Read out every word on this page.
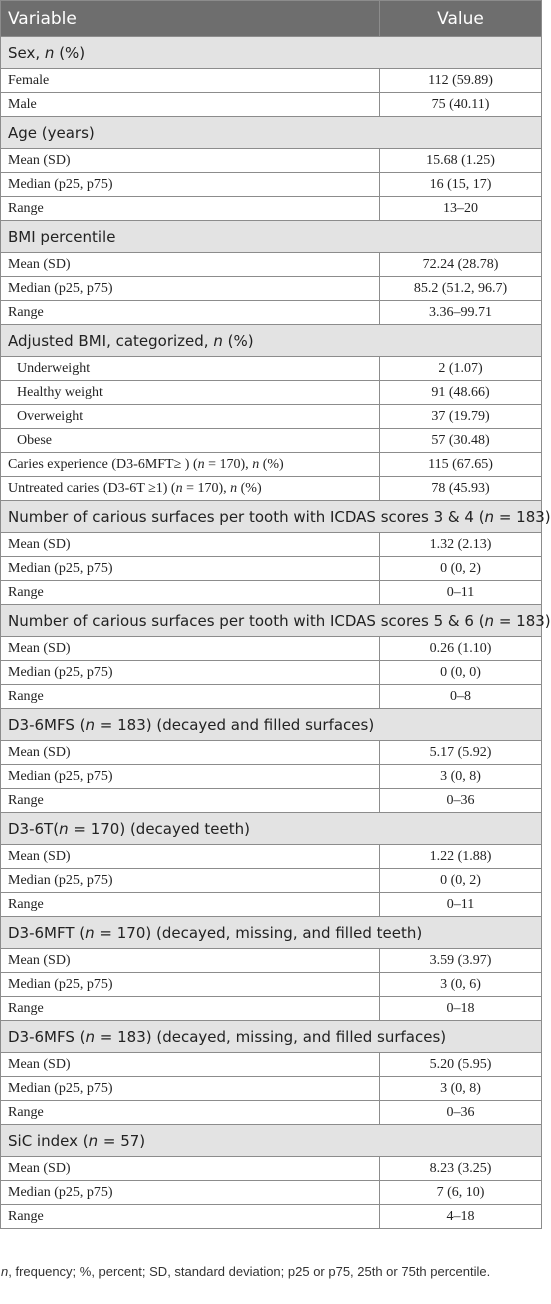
Variable	Value
Sex, n (%)	
Female	112 (59.89)
Male	75 (40.11)
Age (years)	
Mean (SD)	15.68 (1.25)
Median (p25, p75)	16 (15, 17)
Range	13–20
BMI percentile	
Mean (SD)	72.24 (28.78)
Median (p25, p75)	85.2 (51.2, 96.7)
Range	3.36–99.71
Adjusted BMI, categorized, n (%)	
Underweight	2 (1.07)
Healthy weight	91 (48.66)
Overweight	37 (19.79)
Obese	57 (30.48)
Caries experience (D3-6MFT≥ ) (n = 170), n (%)	115 (67.65)
Untreated caries (D3-6T ≥1) (n = 170), n (%)	78 (45.93)
Number of carious surfaces per tooth with ICDAS scores 3 & 4 (n = 183)	
Mean (SD)	1.32 (2.13)
Median (p25, p75)	0 (0, 2)
Range	0–11
Number of carious surfaces per tooth with ICDAS scores 5 & 6 (n = 183)	
Mean (SD)	0.26 (1.10)
Median (p25, p75)	0 (0, 0)
Range	0–8
D3-6MFS (n = 183) (decayed and filled surfaces)	
Mean (SD)	5.17 (5.92)
Median (p25, p75)	3 (0, 8)
Range	0–36
D3-6T(n = 170) (decayed teeth)	
Mean (SD)	1.22 (1.88)
Median (p25, p75)	0 (0, 2)
Range	0–11
D3-6MFT (n = 170) (decayed, missing, and filled teeth)	
Mean (SD)	3.59 (3.97)
Median (p25, p75)	3 (0, 6)
Range	0–18
D3-6MFS (n = 183) (decayed, missing, and filled surfaces)	
Mean (SD)	5.20 (5.95)
Median (p25, p75)	3 (0, 8)
Range	0–36
SiC index (n = 57)	
Mean (SD)	8.23 (3.25)
Median (p25, p75)	7 (6, 10)
Range	4–18
n, frequency; %, percent; SD, standard deviation; p25 or p75, 25th or 75th percentile.
